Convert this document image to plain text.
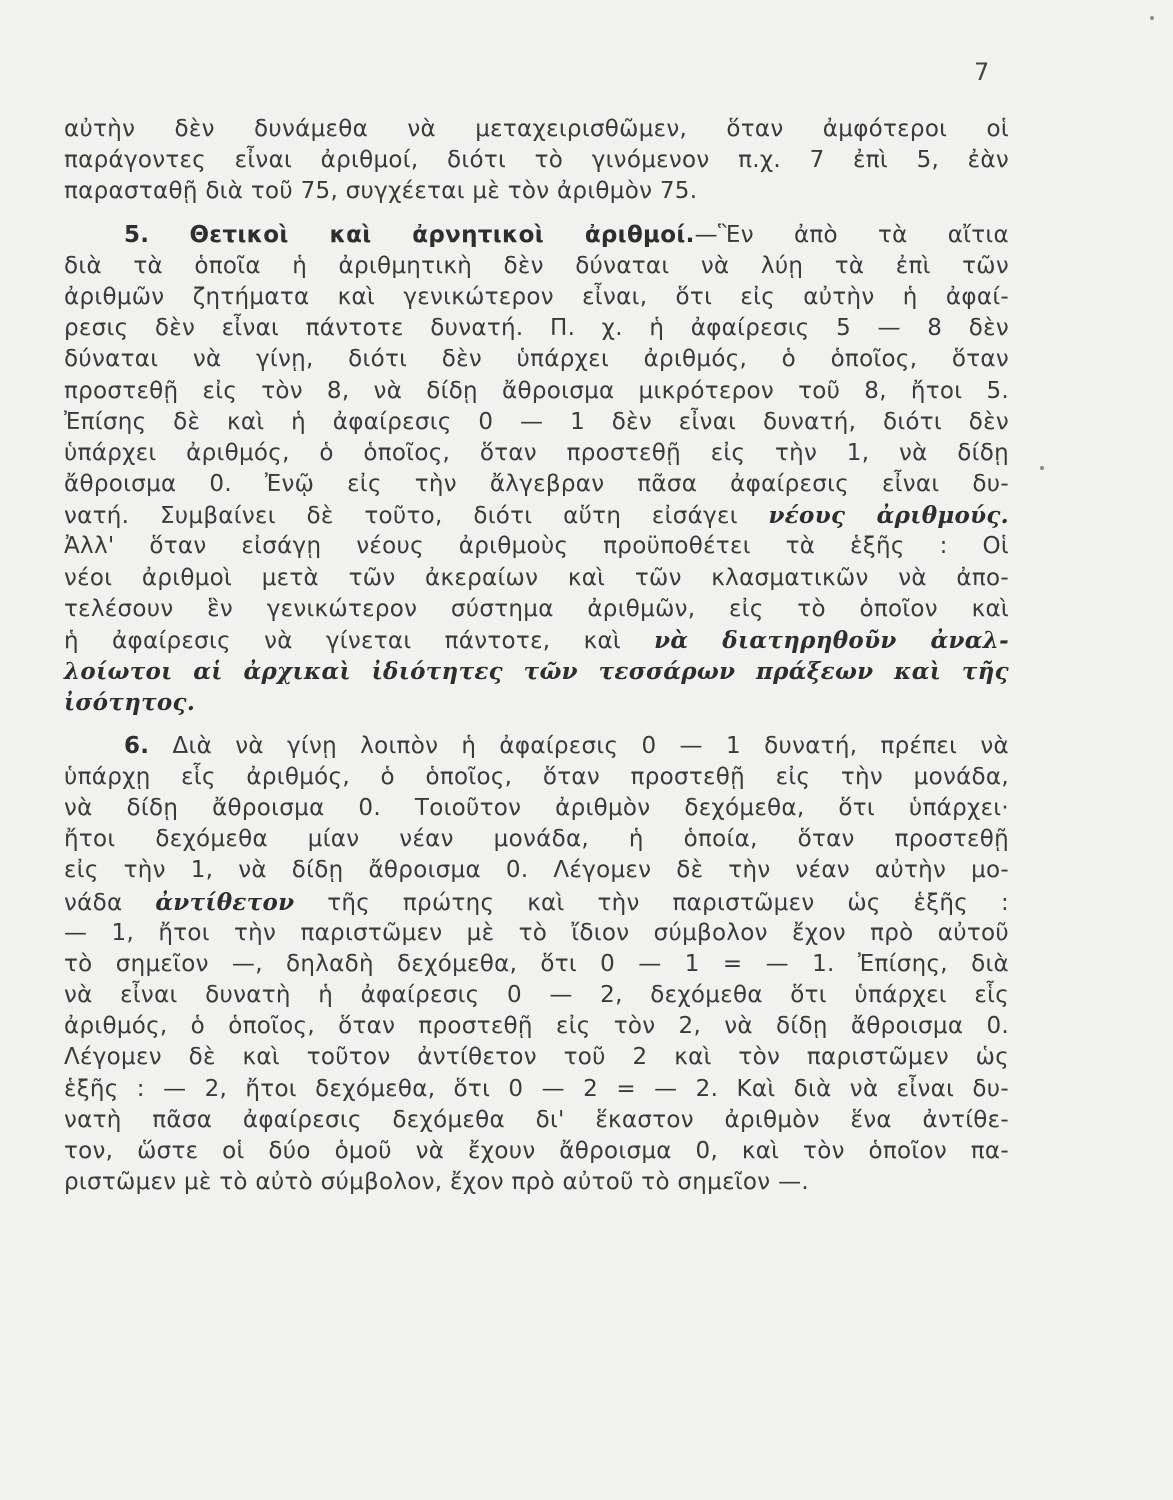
7
αὐτὴν δὲν δυνάμεθα νὰ μεταχειρισθῶμεν, ὅταν ἀμφότεροι οἱ
παράγοντες εἶναι ἀριθμοί, διότι τὸ γινόμενον π.χ. 7 ἐπὶ 5, ἐὰν
παρασταθῇ διὰ τοῦ 75, συγχέεται μὲ τὸν ἀριθμὸν 75.
5. Θετικοὶ καὶ ἀρνητικοὶ ἀριθμοί.—Ἓν ἀπὸ τὰ αἴτια
διὰ τὰ ὁποῖα ἡ ἀριθμητικὴ δὲν δύναται νὰ λύῃ τὰ ἐπὶ τῶν
ἀριθμῶν ζητήματα καὶ γενικώτερον εἶναι, ὅτι εἰς αὐτὴν ἡ ἀφαί-
ρεσις δὲν εἶναι πάντοτε δυνατή. Π. χ. ἡ ἀφαίρεσις 5 — 8 δὲν
δύναται νὰ γίνῃ, διότι δὲν ὑπάρχει ἀριθμός, ὁ ὁποῖος, ὅταν
προστεθῇ εἰς τὸν 8, νὰ δίδῃ ἄθροισμα μικρότερον τοῦ 8, ἤτοι 5.
Ἐπίσης δὲ καὶ ἡ ἀφαίρεσις 0 — 1 δὲν εἶναι δυνατή, διότι δὲν
ὑπάρχει ἀριθμός, ὁ ὁποῖος, ὅταν προστεθῇ εἰς τὴν 1, νὰ δίδῃ
ἄθροισμα 0. Ἐνῷ εἰς τὴν ἄλγεβραν πᾶσα ἀφαίρεσις εἶναι δυ-
νατή. Συμβαίνει δὲ τοῦτο, διότι αὕτη εἰσάγει νέους ἀριθμούς.
Ἀλλ' ὅταν εἰσάγῃ νέους ἀριθμοὺς προϋποθέτει τὰ ἑξῆς : Οἱ
νέοι ἀριθμοὶ μετὰ τῶν ἀκεραίων καὶ τῶν κλασματικῶν νὰ ἀπο-
τελέσουν ἓν γενικώτερον σύστημα ἀριθμῶν, εἰς τὸ ὁποῖον καὶ
ἡ ἀφαίρεσις νὰ γίνεται πάντοτε, καὶ νὰ διατηρηθοῦν ἀναλ-
λοίωτοι αἱ ἀρχικαὶ ἰδιότητες τῶν τεσσάρων πράξεων καὶ τῆς
ἰσότητος.
6. Διὰ νὰ γίνῃ λοιπὸν ἡ ἀφαίρεσις 0 — 1 δυνατή, πρέπει νὰ
ὑπάρχῃ εἷς ἀριθμός, ὁ ὁποῖος, ὅταν προστεθῇ εἰς τὴν μονάδα,
νὰ δίδῃ ἄθροισμα 0. Τοιοῦτον ἀριθμὸν δεχόμεθα, ὅτι ὑπάρχει·
ἤτοι δεχόμεθα μίαν νέαν μονάδα, ἡ ὁποία, ὅταν προστεθῇ
εἰς τὴν 1, νὰ δίδῃ ἄθροισμα 0. Λέγομεν δὲ τὴν νέαν αὐτὴν μο-
νάδα ἀντίθετον τῆς πρώτης καὶ τὴν παριστῶμεν ὡς ἑξῆς :
— 1, ἤτοι τὴν παριστῶμεν μὲ τὸ ἴδιον σύμβολον ἔχον πρὸ αὐτοῦ
τὸ σημεῖον —, δηλαδὴ δεχόμεθα, ὅτι 0 — 1 = — 1. Ἐπίσης, διὰ
νὰ εἶναι δυνατὴ ἡ ἀφαίρεσις 0 — 2, δεχόμεθα ὅτι ὑπάρχει εἷς
ἀριθμός, ὁ ὁποῖος, ὅταν προστεθῇ εἰς τὸν 2, νὰ δίδῃ ἄθροισμα 0.
Λέγομεν δὲ καὶ τοῦτον ἀντίθετον τοῦ 2 καὶ τὸν παριστῶμεν ὡς
ἑξῆς : — 2, ἤτοι δεχόμεθα, ὅτι 0 — 2 = — 2. Καὶ διὰ νὰ εἶναι δυ-
νατὴ πᾶσα ἀφαίρεσις δεχόμεθα δι' ἕκαστον ἀριθμὸν ἕνα ἀντίθε-
τον, ὥστε οἱ δύο ὁμοῦ νὰ ἔχουν ἄθροισμα 0, καὶ τὸν ὁποῖον πα-
ριστῶμεν μὲ τὸ αὐτὸ σύμβολον, ἔχον πρὸ αὐτοῦ τὸ σημεῖον —.
